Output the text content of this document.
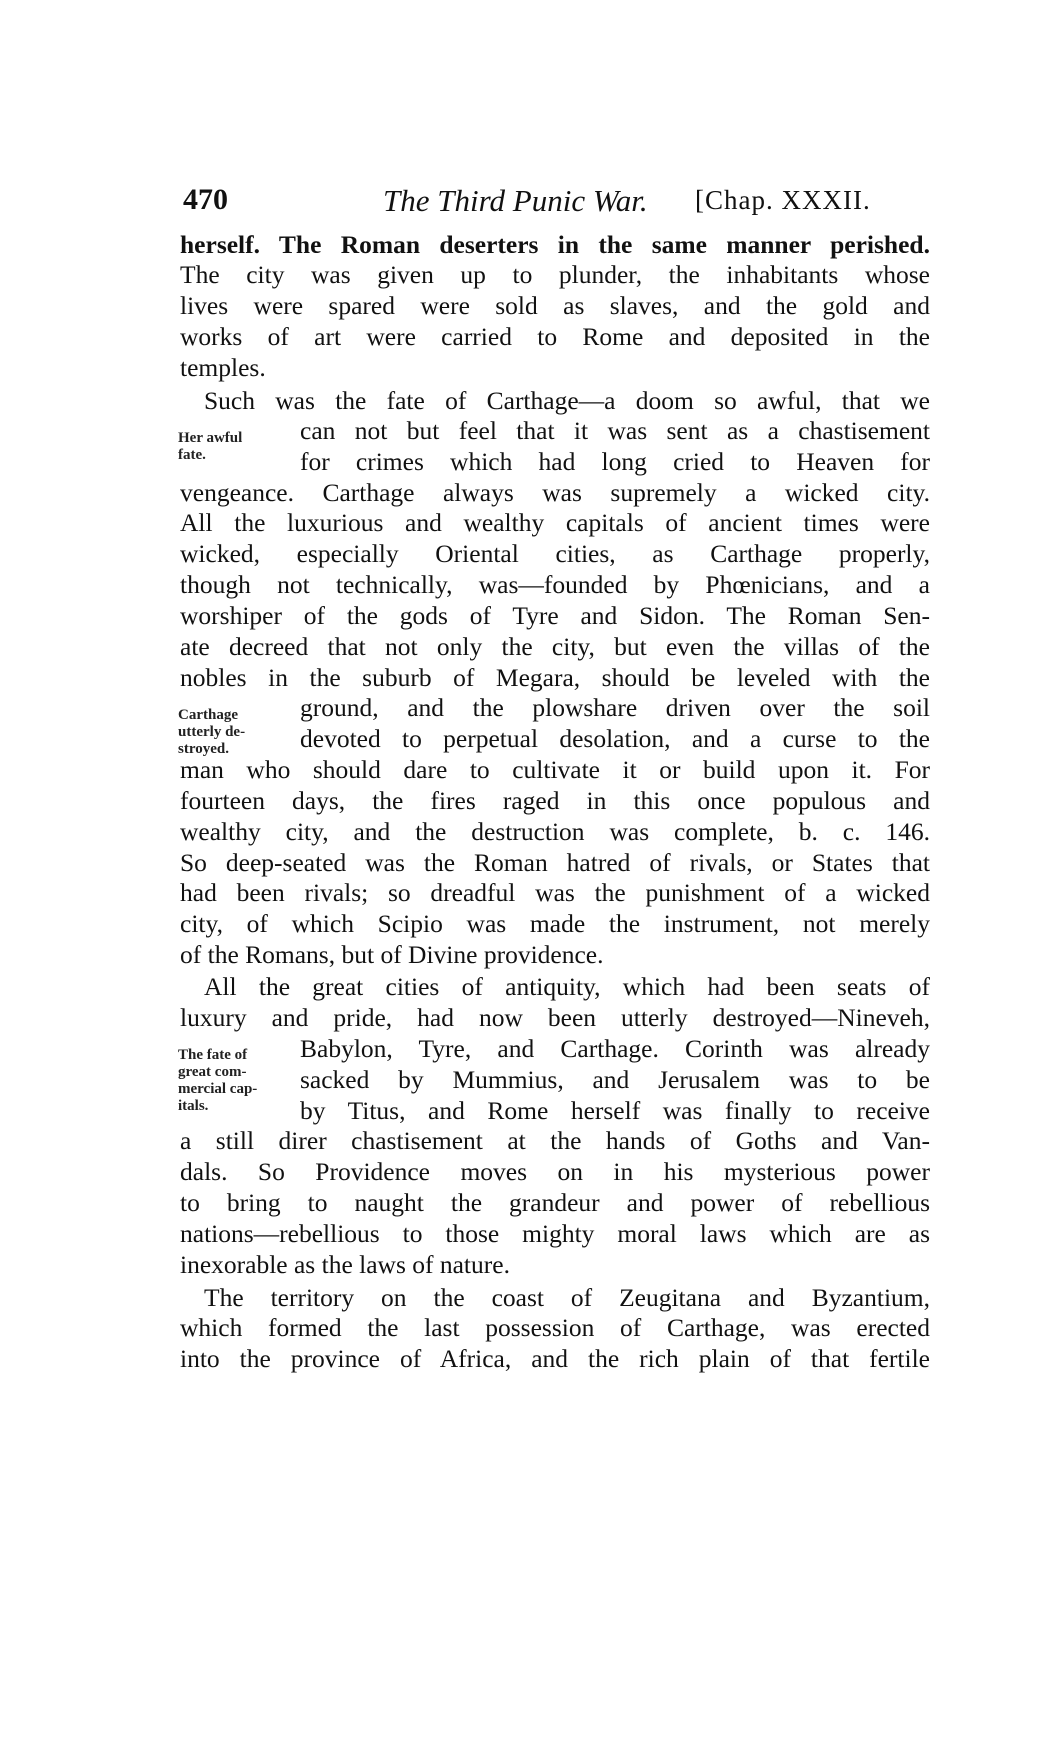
470	The Third Punic War. [Chap. XXXII.
Her awful
fate.
Carthage
utterly de-
stroyed.
The fate of
great com-
mercial cap-
itals.
herself. The Roman deserters in the same manner perished.
The city was given up to plunder, the inhabitants whose
lives were spared were sold as slaves, and the gold and
works of art were carried to Rome and deposited in the
temples.
Such was the fate of Carthage—a doom so awful, that we
can not but feel that it was sent as a chastisement
for crimes which had long cried to Heaven for
vengeance. Carthage always was supremely a wicked city.
All the luxurious and wealthy capitals of ancient times were
wicked, especially Oriental cities, as Carthage properly,
though not technically, was—founded by Phœnicians, and a
worshiper of the gods of Tyre and Sidon. The Roman Sen-
ate decreed that not only the city, but even the villas of the
nobles in the suburb of Megara, should be leveled with the
ground, and the plowshare driven over the soil
devoted to perpetual desolation, and a curse to the
man who should dare to cultivate it or build upon it. For
fourteen days, the fires raged in this once populous and
wealthy city, and the destruction was complete, b. c. 146.
So deep-seated was the Roman hatred of rivals, or States that
had been rivals; so dreadful was the punishment of a wicked
city, of which Scipio was made the instrument, not merely
of the Romans, but of Divine providence.
All the great cities of antiquity, which had been seats of
luxury and pride, had now been utterly destroyed—Nineveh,
Babylon, Tyre, and Carthage. Corinth was already
sacked by Mummius, and Jerusalem was to be
by Titus, and Rome herself was finally to receive
a still direr chastisement at the hands of Goths and Van-
dals. So Providence moves on in his mysterious power
to bring to naught the grandeur and power of rebellious
nations—rebellious to those mighty moral laws which are as
inexorable as the laws of nature.
The territory on the coast of Zeugitana and Byzantium,
which formed the last possession of Carthage, was erected
into the province of Africa, and the rich plain of that fertile
